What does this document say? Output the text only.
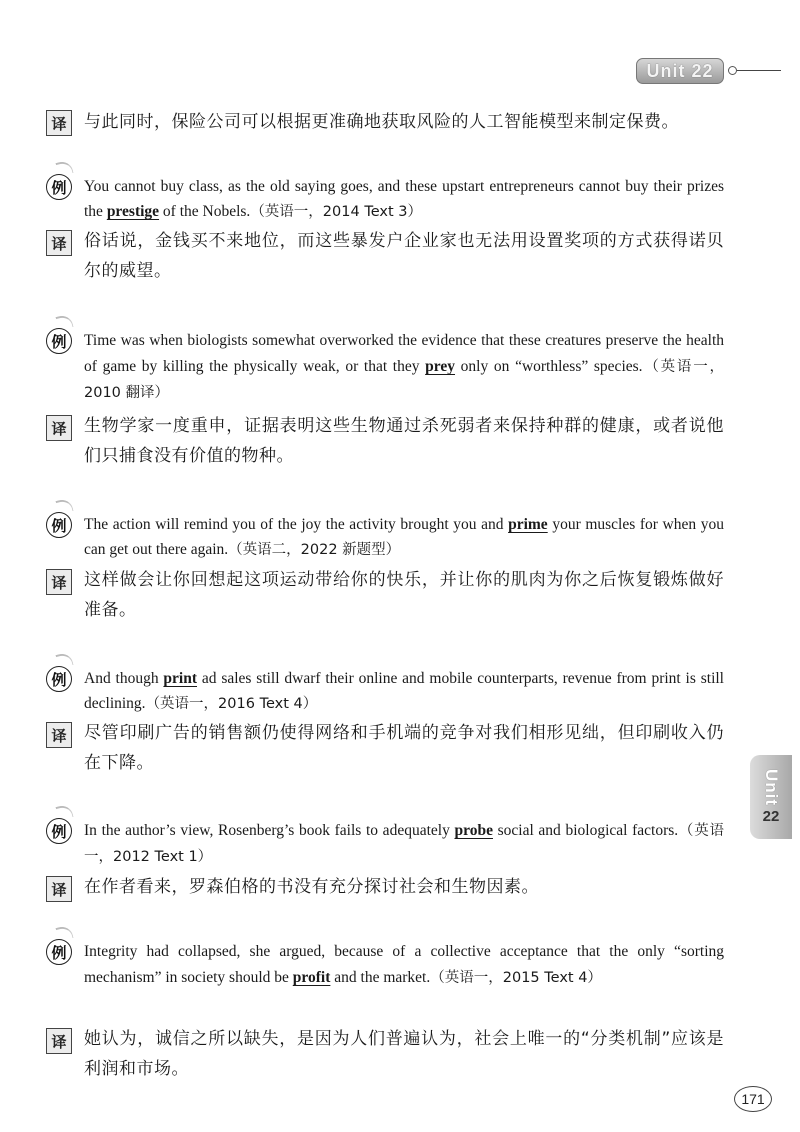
Unit 22
译	与此同时，保险公司可以根据更准确地获取风险的人工智能模型来制定保费。
例	You cannot buy class, as the old saying goes, and these upstart entrepreneurs cannot buy their prizes the prestige of the Nobels.（英语一，2014 Text 3）
译	俗话说，金钱买不来地位，而这些暴发户企业家也无法用设置奖项的方式获得诺贝尔的威望。
例	Time was when biologists somewhat overworked the evidence that these creatures preserve the health of game by killing the physically weak, or that they prey only on “worthless” species.（英语一，2010 翻译）
译	生物学家一度重申，证据表明这些生物通过杀死弱者来保持种群的健康，或者说他们只捕食没有价值的物种。
例	The action will remind you of the joy the activity brought you and prime your muscles for when you can get out there again.（英语二，2022 新题型）
译	这样做会让你回想起这项运动带给你的快乐，并让你的肌肉为你之后恢复锻炼做好准备。
例	And though print ad sales still dwarf their online and mobile counterparts, revenue from print is still declining.（英语一，2016 Text 4）
译	尽管印刷广告的销售额仍使得网络和手机端的竞争对我们相形见绌，但印刷收入仍在下降。
例	In the author’s view, Rosenberg’s book fails to adequately probe social and biological factors.（英语一，2012 Text 1）
译	在作者看来，罗森伯格的书没有充分探讨社会和生物因素。
例	Integrity had collapsed, she argued, because of a collective acceptance that the only “sorting mechanism” in society should be profit and the market.（英语一，2015 Text 4）
译	她认为，诚信之所以缺失，是因为人们普遍认为，社会上唯一的“分类机制”应该是利润和市场。
Unit
22
171
